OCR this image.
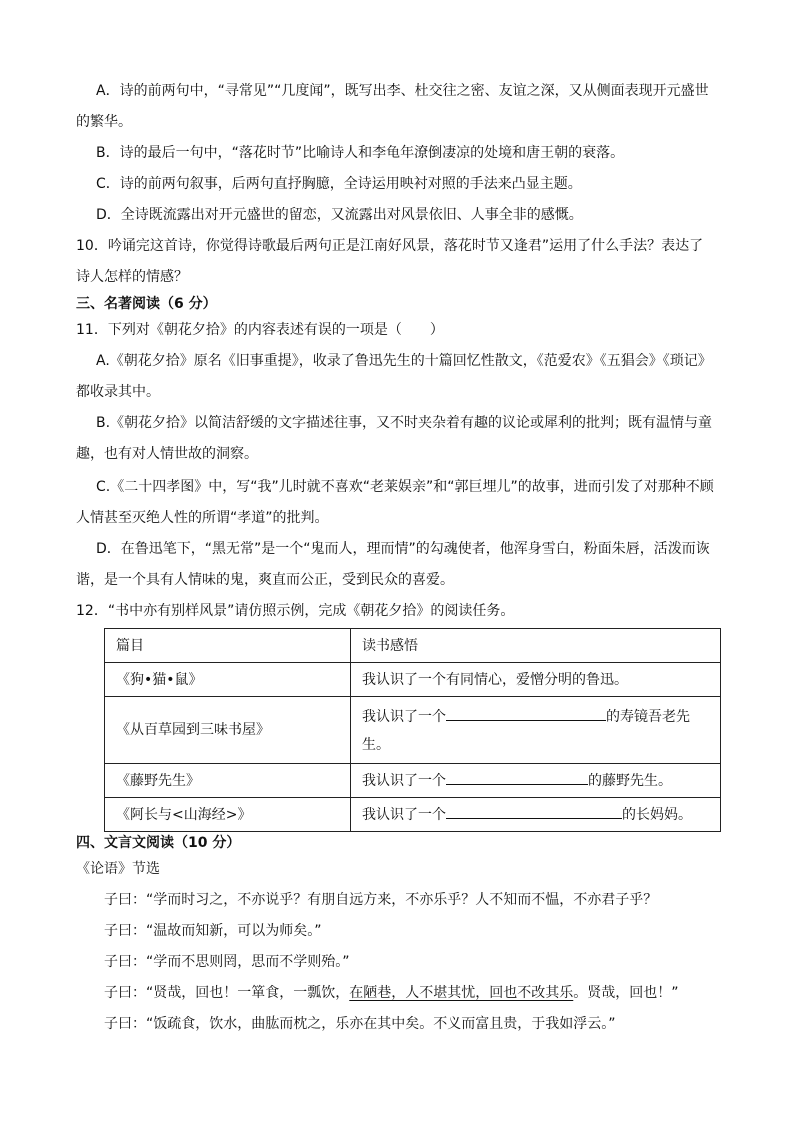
A．诗的前两句中，“寻常见”“几度闻”，既写出李、杜交往之密、友谊之深，又从侧面表现开元盛世
的繁华。
B．诗的最后一句中，“落花时节”比喻诗人和李龟年潦倒凄凉的处境和唐王朝的衰落。
C．诗的前两句叙事，后两句直抒胸臆，全诗运用映衬对照的手法来凸显主题。
D．全诗既流露出对开元盛世的留恋，又流露出对风景依旧、人事全非的感慨。
10．吟诵完这首诗，你觉得诗歌最后两句正是江南好风景，落花时节又逢君”运用了什么手法？表达了
诗人怎样的情感？
三、名著阅读（6 分）
11．下列对《朝花夕拾》的内容表述有误的一项是（　　）
A.《朝花夕拾》原名《旧事重提》，收录了鲁迅先生的十篇回忆性散文，《范爱农》《五猖会》《琐记》
都收录其中。
B.《朝花夕拾》以简洁舒缓的文字描述往事，又不时夹杂着有趣的议论或犀利的批判；既有温情与童
趣，也有对人情世故的洞察。
C.《二十四孝图》中，写“我”儿时就不喜欢“老莱娱亲”和“郭巨埋儿”的故事，进而引发了对那种不顾
人情甚至灭绝人性的所谓“孝道”的批判。
D．在鲁迅笔下，“黑无常”是一个“鬼而人，理而情”的勾魂使者，他浑身雪白，粉面朱唇，活泼而诙
谐，是一个具有人情味的鬼，爽直而公正，受到民众的喜爱。
12．“书中亦有别样风景”请仿照示例，完成《朝花夕拾》的阅读任务。
篇目	读书感悟
《狗•猫•鼠》	我认识了一个有同情心，爱憎分明的鲁迅。
《从百草园到三味书屋》	我认识了一个 的寿镜吾老先
生。

《藤野先生》	我认识了一个 的藤野先生。
《阿长与<山海经>》	我认识了一个 的长妈妈。
四、文言文阅读（10 分）
《论语》节选
子曰：“学而时习之，不亦说乎？有朋自远方来，不亦乐乎？人不知而不愠，不亦君子乎？
子曰：“温故而知新，可以为师矣。”
子曰：“学而不思则罔，思而不学则殆。”
子曰：“贤哉，回也！一箪食，一瓢饮，在陋巷，人不堪其忧，回也不改其乐。贤哉，回也！”
子曰：“饭疏食，饮水，曲肱而枕之，乐亦在其中矣。不义而富且贵，于我如浮云。”
